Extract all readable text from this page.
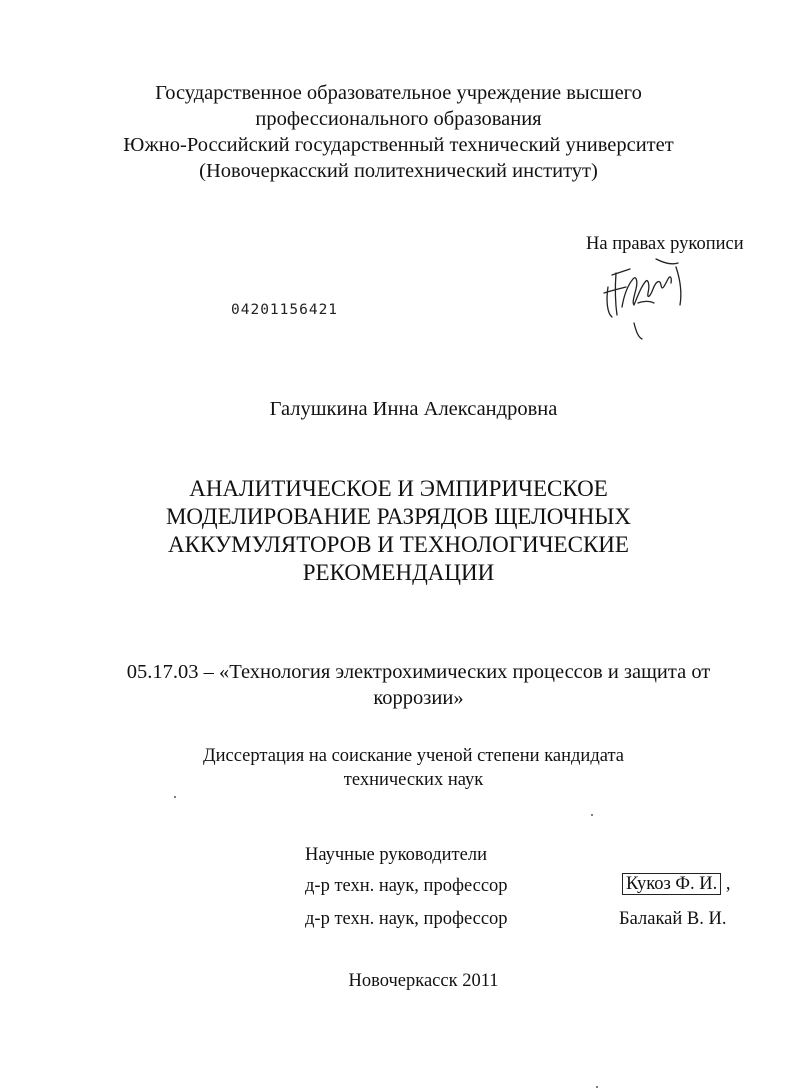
Государственное образовательное учреждение высшего
профессионального образования
Южно-Российский государственный технический университет
(Новочеркасский политехнический институт)
На правах рукописи
04201156421
Галушкина Инна Александровна
АНАЛИТИЧЕСКОЕ И ЭМПИРИЧЕСКОЕ
МОДЕЛИРОВАНИЕ РАЗРЯДОВ ЩЕЛОЧНЫХ
АККУМУЛЯТОРОВ И ТЕХНОЛОГИЧЕСКИЕ
РЕКОМЕНДАЦИИ
05.17.03 – «Технология электрохимических процессов и защита от
коррозии»
Диссертация на соискание ученой степени кандидата
технических наук
Научные руководители
д-р техн. наук, профессор	Кукоз Ф. И. ,
д-р техн. наук, профессор	Балакай В. И.
Новочеркасск 2011
